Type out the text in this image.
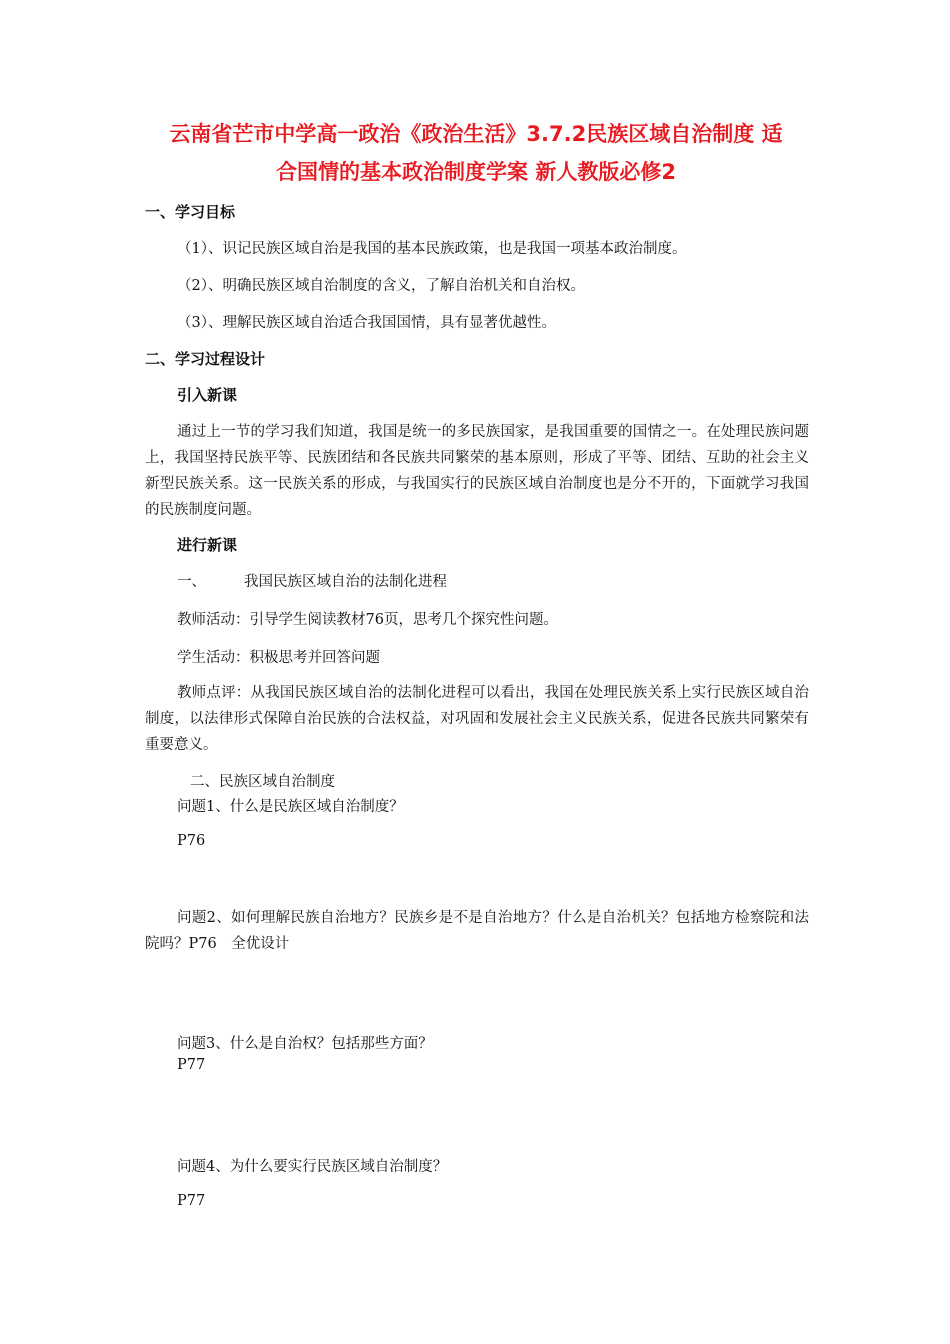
云南省芒市中学高一政治《政治生活》3.7.2民族区域自治制度 适
合国情的基本政治制度学案 新人教版必修2
一、学习目标
（1）、识记民族区域自治是我国的基本民族政策，也是我国一项基本政治制度。
（2）、明确民族区域自治制度的含义，了解自治机关和自治权。
（3）、理解民族区域自治适合我国国情，具有显著优越性。
二、学习过程设计
引入新课
通过上一节的学习我们知道，我国是统一的多民族国家，是我国重要的国情之一。在处理民族问题上，我国坚持民族平等、民族团结和各民族共同繁荣的基本原则，形成了平等、团结、互助的社会主义新型民族关系。这一民族关系的形成，与我国实行的民族区域自治制度也是分不开的，下面就学习我国的民族制度问题。
进行新课
一、	我国民族区域自治的法制化进程
教师活动：引导学生阅读教材76页，思考几个探究性问题。
学生活动：积极思考并回答问题
教师点评：从我国民族区域自治的法制化进程可以看出，我国在处理民族关系上实行民族区域自治制度，以法律形式保障自治民族的合法权益，对巩固和发展社会主义民族关系，促进各民族共同繁荣有重要意义。
二、民族区域自治制度
问题1、什么是民族区域自治制度？
P76
问题2、如何理解民族自治地方？民族乡是不是自治地方？什么是自治机关？包括地方检察院和法院吗？P76　全优设计
问题3、什么是自治权？包括那些方面？
P77
问题4、为什么要实行民族区域自治制度？
P77
